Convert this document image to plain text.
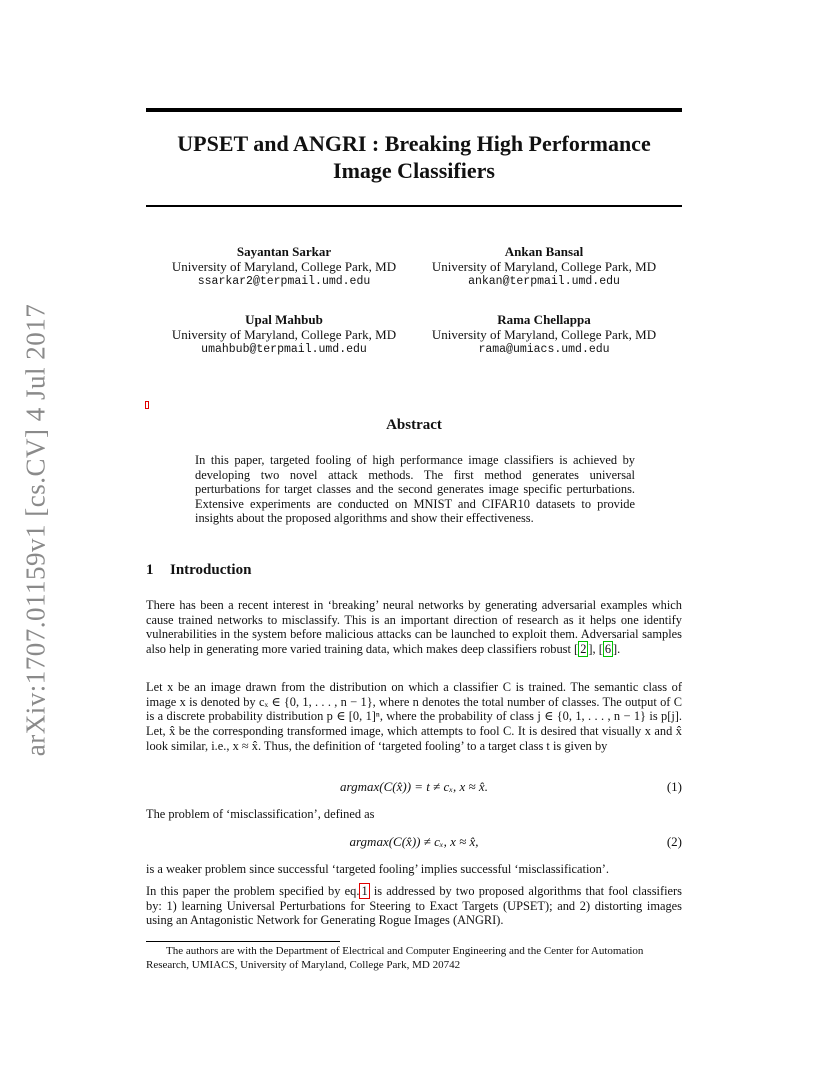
arXiv:1707.01159v1 [cs.CV] 4 Jul 2017
UPSET and ANGRI : Breaking High Performance
Image Classifiers
Sayantan Sarkar
University of Maryland, College Park, MD
ssarkar2@terpmail.umd.edu
Ankan Bansal
University of Maryland, College Park, MD
ankan@terpmail.umd.edu
Upal Mahbub
University of Maryland, College Park, MD
umahbub@terpmail.umd.edu
Rama Chellappa
University of Maryland, College Park, MD
rama@umiacs.umd.edu
Abstract
In this paper, targeted fooling of high performance image classifiers is achieved by developing two novel attack methods. The first method generates universal perturbations for target classes and the second generates image specific perturbations. Extensive experiments are conducted on MNIST and CIFAR10 datasets to provide insights about the proposed algorithms and show their effectiveness.
1 Introduction
There has been a recent interest in ‘breaking’ neural networks by generating adversarial examples which cause trained networks to misclassify. This is an important direction of research as it helps one identify vulnerabilities in the system before malicious attacks can be launched to exploit them. Adversarial samples also help in generating more varied training data, which makes deep classifiers robust [ 2 ], [ 6 ].
Let x be an image drawn from the distribution on which a classifier C is trained. The semantic class of image x is denoted by cₓ ∈ {0, 1, . . . , n − 1}, where n denotes the total number of classes. The output of C is a discrete probability distribution p ∈ [0, 1]ⁿ, where the probability of class j ∈ {0, 1, . . . , n − 1} is p[j]. Let, x̂ be the corresponding transformed image, which attempts to fool C. It is desired that visually x and x̂ look similar, i.e., x ≈ x̂. Thus, the definition of ‘targeted fooling’ to a target class t is given by
argmax(C(x̂)) = t ≠ cₓ, x ≈ x̂.	(1)
The problem of ‘misclassification’, defined as
argmax(C(x̂)) ≠ cₓ, x ≈ x̂,	(2)
is a weaker problem since successful ‘targeted fooling’ implies successful ‘misclassification’.
In this paper the problem specified by eq. 1 is addressed by two proposed algorithms that fool classifiers by: 1) learning Universal Perturbations for Steering to Exact Targets (UPSET); and 2) distorting images using an Antagonistic Network for Generating Rogue Images (ANGRI).
The authors are with the Department of Electrical and Computer Engineering and the Center for Automation Research, UMIACS, University of Maryland, College Park, MD 20742
